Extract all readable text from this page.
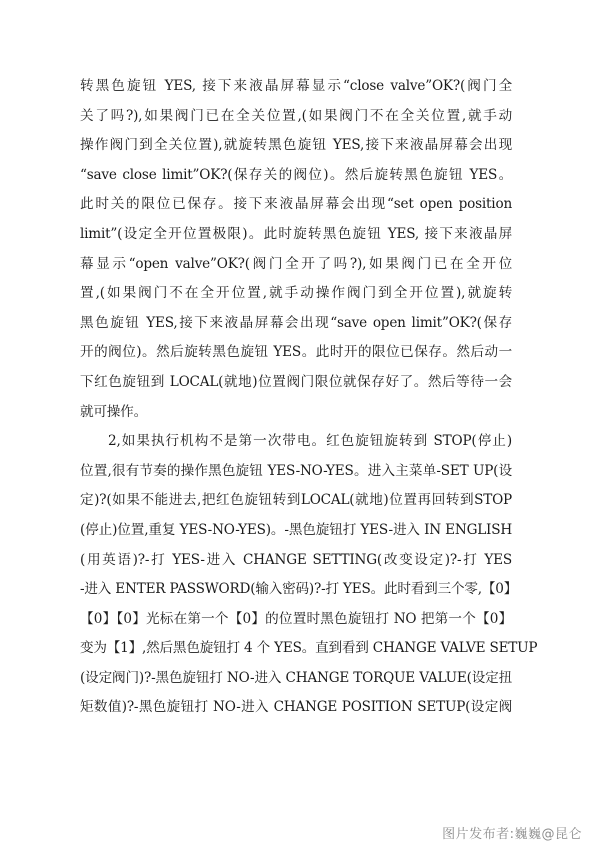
转黑色旋钮 YES, 接下来液晶屏幕显示“close valve”OK?(阀门全
关了吗?),如果阀门已在全关位置,(如果阀门不在全关位置,就手动
操作阀门到全关位置),就旋转黑色旋钮 YES,接下来液晶屏幕会出现
“save close limit”OK?(保存关的阀位)。然后旋转黑色旋钮 YES。
此时关的限位已保存。接下来液晶屏幕会出现“set open position
limit”(设定全开位置极限)。此时旋转黑色旋钮 YES, 接下来液晶屏
幕显示“open valve”OK?(阀门全开了吗?),如果阀门已在全开位
置,(如果阀门不在全开位置,就手动操作阀门到全开位置),就旋转
黑色旋钮 YES,接下来液晶屏幕会出现“save open limit”OK?(保存
开的阀位)。然后旋转黑色旋钮 YES。此时开的限位已保存。然后动一
下红色旋钮到 LOCAL(就地)位置阀门限位就保存好了。然后等待一会
就可操作。
2,如果执行机构不是第一次带电。红色旋钮旋转到 STOP(停止)
位置,很有节奏的操作黑色旋钮 YES-NO-YES。进入主菜单-SET UP(设
定)?(如果不能进去,把红色旋钮转到LOCAL(就地)位置再回转到STOP
(停止)位置,重复 YES-NO-YES)。-黑色旋钮打 YES-进入 IN ENGLISH
(用英语)?-打 YES-进入 CHANGE SETTING(改变设定)?-打 YES
-进入 ENTER PASSWORD(输入密码)?-打 YES。此时看到三个零,【0】
【0】【0】光标在第一个【0】的位置时黑色旋钮打 NO 把第一个【0】
变为【1】,然后黑色旋钮打 4 个 YES。直到看到 CHANGE VALVE SETUP
(设定阀门)?-黑色旋钮打 NO-进入 CHANGE TORQUE VALUE(设定扭
矩数值)?-黑色旋钮打 NO-进入 CHANGE POSITION SETUP(设定阀
图片发布者:巍巍@昆仑
